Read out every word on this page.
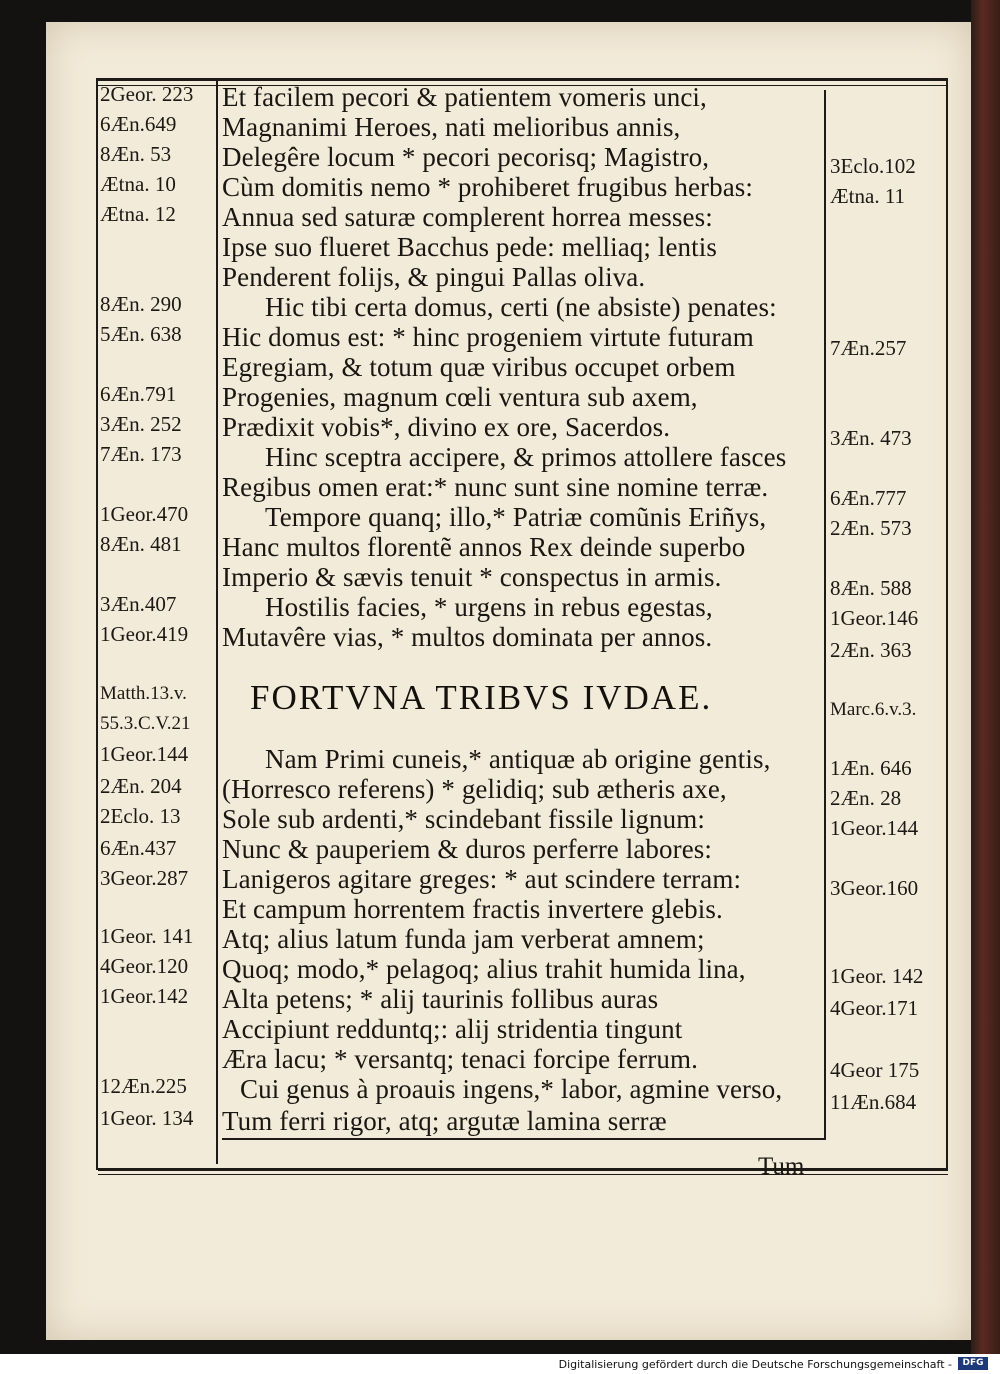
2Geor. 223
6Æn.649
8Æn. 53
Ætna. 10
Ætna. 12
8Æn. 290
5Æn. 638
6Æn.791
3Æn. 252
7Æn. 173
1Geor.470
8Æn. 481
3Æn.407
1Geor.419
Matth.13.v.
55.3.C.V.21
1Geor.144
2Æn. 204
2Eclo. 13
6Æn.437
3Geor.287
1Geor. 141
4Geor.120
1Geor.142
12Æn.225
1Geor. 134
3Eclo.102
Ætna. 11
7Æn.257
3Æn. 473
6Æn.777
2Æn. 573
8Æn. 588
1Geor.146
2Æn. 363
Marc.6.v.3.
1Æn. 646
2Æn. 28
1Geor.144
3Geor.160
1Geor. 142
4Geor.171
4Geor 175
11Æn.684
Et facilem pecori & patientem vomeris unci,
Magnanimi Heroes, nati melioribus annis,
Delegêre locum * pecori pecorisq; Magistro,
Cùm domitis nemo * prohiberet frugibus herbas:
Annua sed saturæ complerent horrea messes:
Ipse suo flueret Bacchus pede: melliaq; lentis
Penderent folijs, & pingui Pallas oliva.
Hic tibi certa domus, certi (ne absiste) penates:
Hic domus est: * hinc progeniem virtute futuram
Egregiam, & totum quæ viribus occupet orbem
Progenies, magnum cœli ventura sub axem,
Prædixit vobis*, divino ex ore, Sacerdos.
Hinc sceptra accipere, & primos attollere fasces
Regibus omen erat:* nunc sunt sine nomine terræ.
Tempore quanq; illo,* Patriæ comũnis Eriñys,
Hanc multos florentẽ annos Rex deinde superbo
Imperio & sævis tenuit * conspectus in armis.
Hostilis facies, * urgens in rebus egestas,
Mutavêre vias, * multos dominata per annos.
FORTVNA TRIBVS IVDAE.
Nam Primi cuneis,* antiquæ ab origine gentis,
(Horresco referens) * gelidiq; sub ætheris axe,
Sole sub ardenti,* scindebant fissile lignum:
Nunc & pauperiem & duros perferre labores:
Lanigeros agitare greges: * aut scindere terram:
Et campum horrentem fractis invertere glebis.
Atq; alius latum funda jam verberat amnem;
Quoq; modo,* pelagoq; alius trahit humida lina,
Alta petens; * alij taurinis follibus auras
Accipiunt redduntq;: alij stridentia tingunt
Æra lacu; * versantq; tenaci forcipe ferrum.
Cui genus à proauis ingens,* labor, agmine verso,
Tum ferri rigor, atq; argutæ lamina serræ
Tum
Digitalisierung gefördert durch die Deutsche Forschungsgemeinschaft -	DFG
